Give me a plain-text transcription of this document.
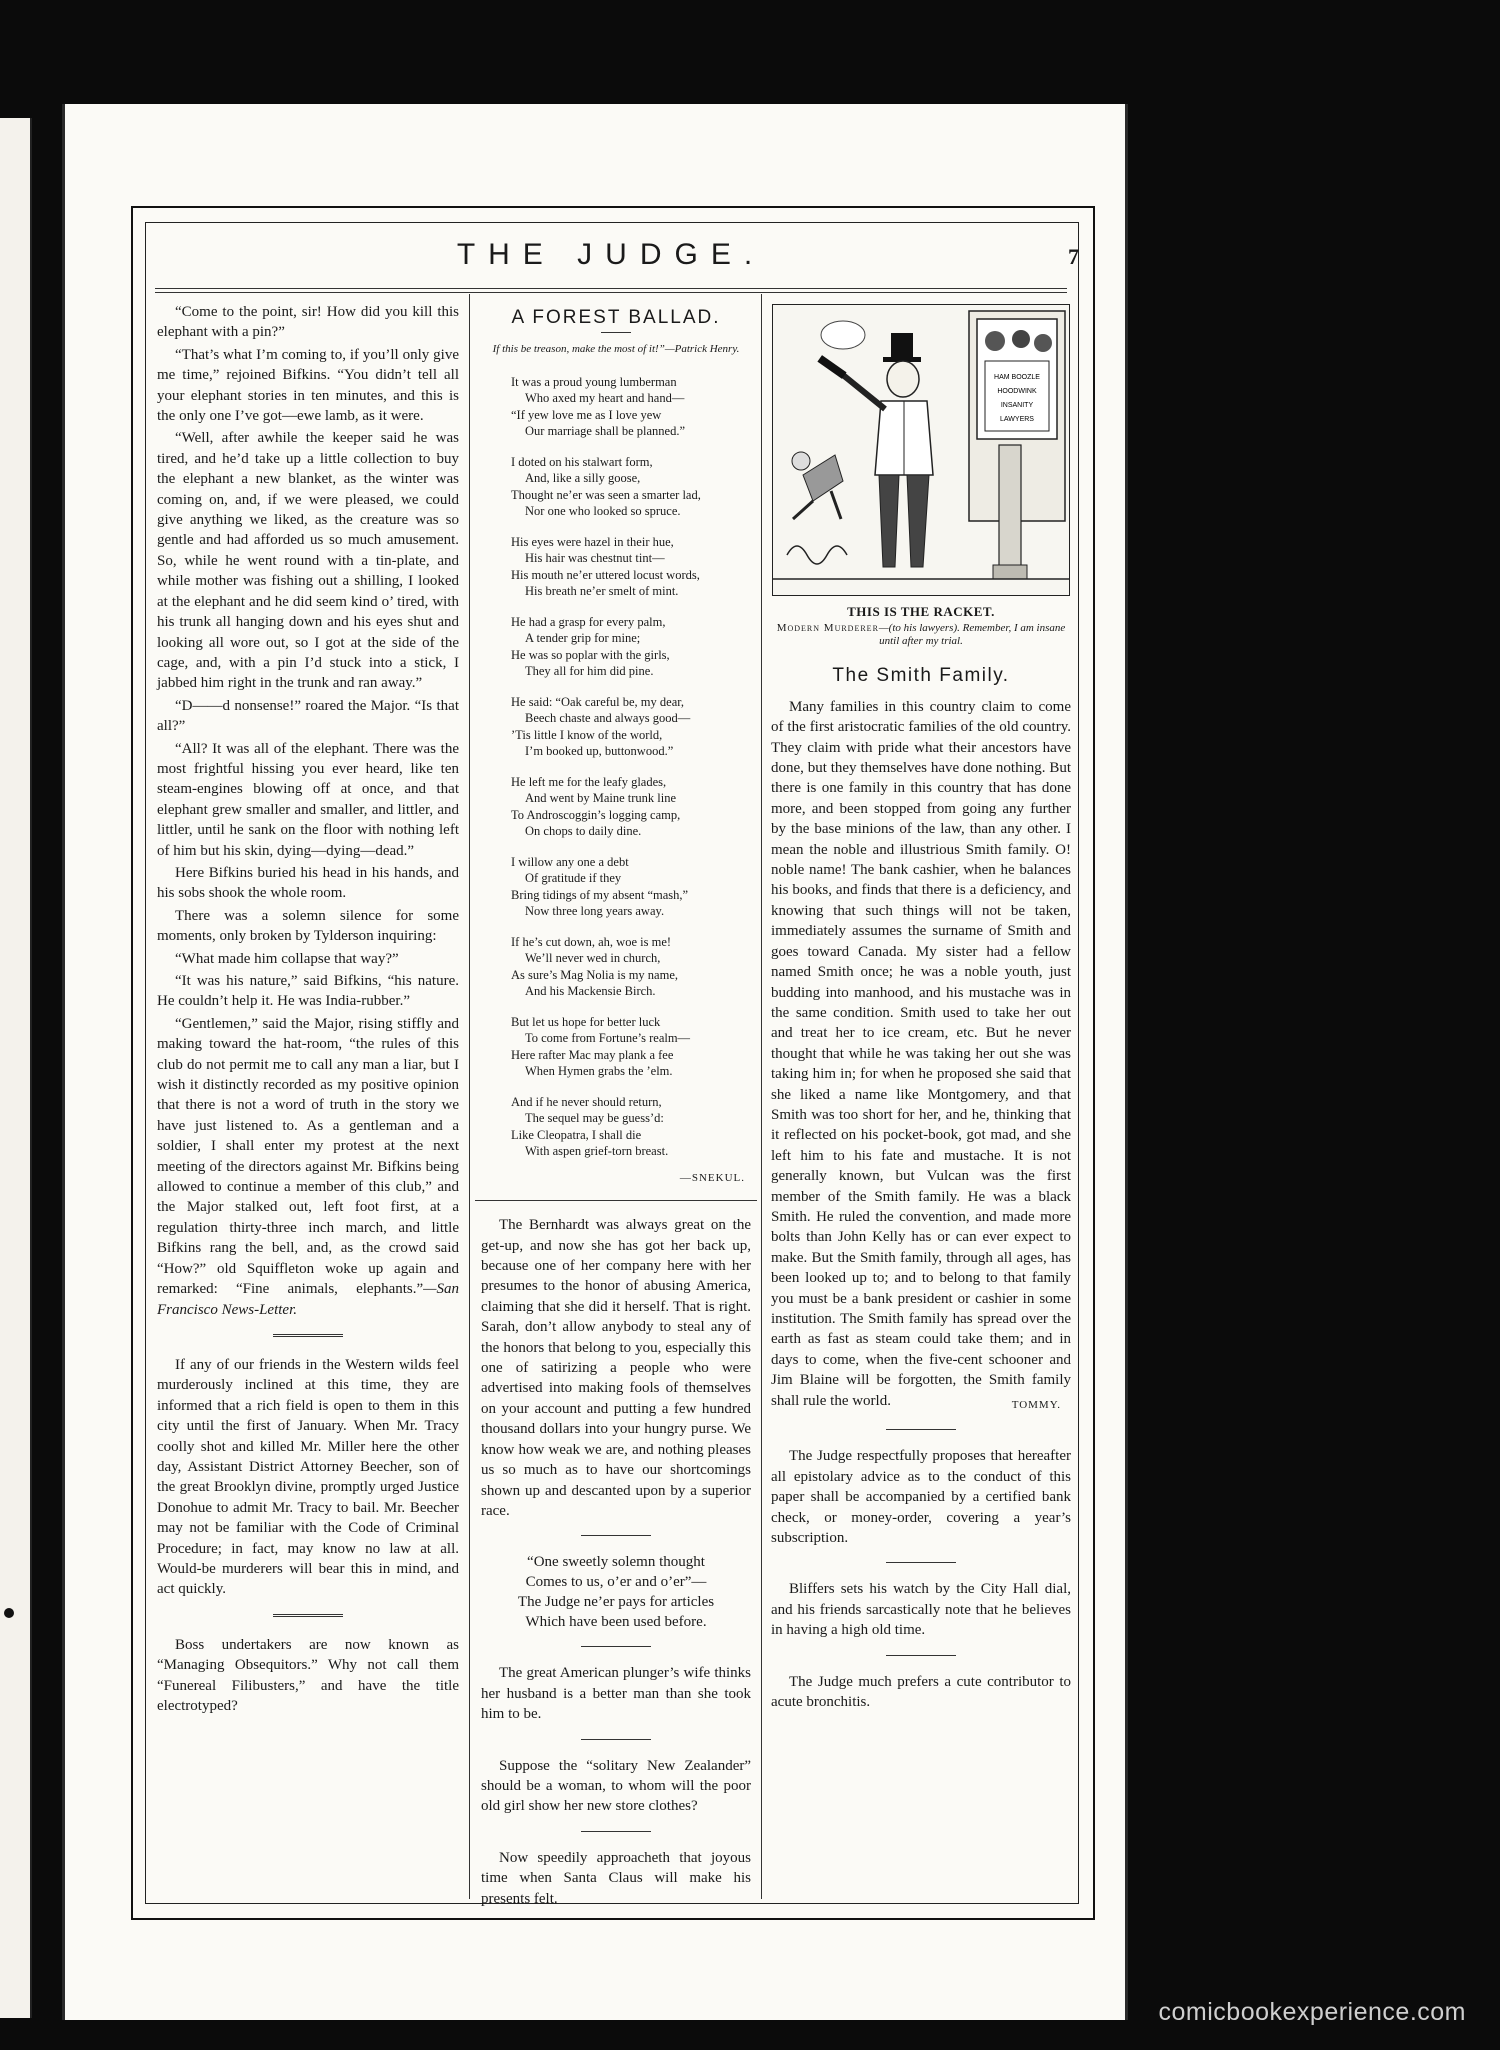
THE JUDGE.	7

“Come to the point, sir! How did you kill this elephant with a pin?”

“That’s what I’m coming to, if you’ll only give me time,” rejoined Bifkins. “You didn’t tell all your elephant stories in ten minutes, and this is the only one I’ve got—ewe lamb, as it were.

“Well, after awhile the keeper said he was tired, and he’d take up a little collection to buy the elephant a new blanket, as the winter was coming on, and, if we were pleased, we could give anything we liked, as the creature was so gentle and had afforded us so much amusement. So, while he went round with a tin-plate, and while mother was fishing out a shilling, I looked at the elephant and he did seem kind o’ tired, with his trunk all hanging down and his eyes shut and looking all wore out, so I got at the side of the cage, and, with a pin I’d stuck into a stick, I jabbed him right in the trunk and ran away.”

“D——d nonsense!” roared the Major. “Is that all?”

“All? It was all of the elephant. There was the most frightful hissing you ever heard, like ten steam-engines blowing off at once, and that elephant grew smaller and smaller, and littler, and littler, until he sank on the floor with nothing left of him but his skin, dying—dying—dead.”

Here Bifkins buried his head in his hands, and his sobs shook the whole room.

There was a solemn silence for some moments, only broken by Tylderson inquiring:

“What made him collapse that way?”

“It was his nature,” said Bifkins, “his nature. He couldn’t help it. He was India-rubber.”

“Gentlemen,” said the Major, rising stiffly and making toward the hat-room, “the rules of this club do not permit me to call any man a liar, but I wish it distinctly recorded as my positive opinion that there is not a word of truth in the story we have just listened to. As a gentleman and a soldier, I shall enter my protest at the next meeting of the directors against Mr. Bifkins being allowed to continue a member of this club,” and the Major stalked out, left foot first, at a regulation thirty-three inch march, and little Bifkins rang the bell, and, as the crowd said “How?” old Squiffleton woke up again and remarked: “Fine animals, elephants.”—San Francisco News-Letter.

If any of our friends in the Western wilds feel murderously inclined at this time, they are informed that a rich field is open to them in this city until the first of January. When Mr. Tracy coolly shot and killed Mr. Miller here the other day, Assistant District Attorney Beecher, son of the great Brooklyn divine, promptly urged Justice Donohue to admit Mr. Tracy to bail. Mr. Beecher may not be familiar with the Code of Criminal Procedure; in fact, may know no law at all. Would-be murderers will bear this in mind, and act quickly.

Boss undertakers are now known as “Managing Obsequitors.” Why not call them “Funereal Filibusters,” and have the title electrotyped?

A FOREST BALLAD.
If this be treason, make the most of it!”—Patrick Henry.
It was a proud young lumberman
Who axed my heart and hand—
“If yew love me as I love yew
Our marriage shall be planned.”
I doted on his stalwart form,
And, like a silly goose,
Thought ne’er was seen a smarter lad,
Nor one who looked so spruce.
His eyes were hazel in their hue,
His hair was chestnut tint—
His mouth ne’er uttered locust words,
His breath ne’er smelt of mint.
He had a grasp for every palm,
A tender grip for mine;
He was so poplar with the girls,
They all for him did pine.
He said: “Oak careful be, my dear,
Beech chaste and always good—
’Tis little I know of the world,
I’m booked up, buttonwood.”
He left me for the leafy glades,
And went by Maine trunk line
To Androscoggin’s logging camp,
On chops to daily dine.
I willow any one a debt
Of gratitude if they
Bring tidings of my absent “mash,”
Now three long years away.
If he’s cut down, ah, woe is me!
We’ll never wed in church,
As sure’s Mag Nolia is my name,
And his Mackensie Birch.
But let us hope for better luck
To come from Fortune’s realm—
Here rafter Mac may plank a fee
When Hymen grabs the ’elm.
And if he never should return,
The sequel may be guess’d:
Like Cleopatra, I shall die
With aspen grief-torn breast.
—SNEKUL.

The Bernhardt was always great on the get-up, and now she has got her back up, because one of her company here with her presumes to the honor of abusing America, claiming that she did it herself. That is right. Sarah, don’t allow anybody to steal any of the honors that belong to you, especially this one of satirizing a people who were advertised into making fools of themselves on your account and putting a few hundred thousand dollars into your hungry purse. We know how weak we are, and nothing pleases us so much as to have our shortcomings shown up and descanted upon by a superior race.

“One sweetly solemn thought
Comes to us, o’er and o’er”—
The Judge ne’er pays for articles
Which have been used before.

The great American plunger’s wife thinks her husband is a better man than she took him to be.

Suppose the “solitary New Zealander” should be a woman, to whom will the poor old girl show her new store clothes?

Now speedily approacheth that joyous time when Santa Claus will make his presents felt.

HAM BOOZLE
HOODWINK
INSANITY
LAWYERS
THIS IS THE RACKET.
Modern Murderer—(to his lawyers). Remember, I am insane until after my trial.
The Smith Family.

Many families in this country claim to come of the first aristocratic families of the old country. They claim with pride what their ancestors have done, but they themselves have done nothing. But there is one family in this country that has done more, and been stopped from going any further by the base minions of the law, than any other. I mean the noble and illustrious Smith family. O! noble name! The bank cashier, when he balances his books, and finds that there is a deficiency, and knowing that such things will not be taken, immediately assumes the surname of Smith and goes toward Canada. My sister had a fellow named Smith once; he was a noble youth, just budding into manhood, and his mustache was in the same condition. Smith used to take her out and treat her to ice cream, etc. But he never thought that while he was taking her out she was taking him in; for when he proposed she said that she liked a name like Montgomery, and that Smith was too short for her, and he, thinking that it reflected on his pocket-book, got mad, and she left him to his fate and mustache. It is not generally known, but Vulcan was the first member of the Smith family. He was a black Smith. He ruled the convention, and made more bolts than John Kelly has or can ever expect to make. But the Smith family, through all ages, has been looked up to; and to belong to that family you must be a bank president or cashier in some institution. The Smith family has spread over the earth as fast as steam could take them; and in days to come, when the five-cent schooner and Jim Blaine will be forgotten, the Smith family shall rule the world.	TOMMY.

The Judge respectfully proposes that hereafter all epistolary advice as to the conduct of this paper shall be accompanied by a certified bank check, or money-order, covering a year’s subscription.

Bliffers sets his watch by the City Hall dial, and his friends sarcastically note that he believes in having a high old time.

The Judge much prefers a cute contributor to acute bronchitis.

comicbookexperience.com
